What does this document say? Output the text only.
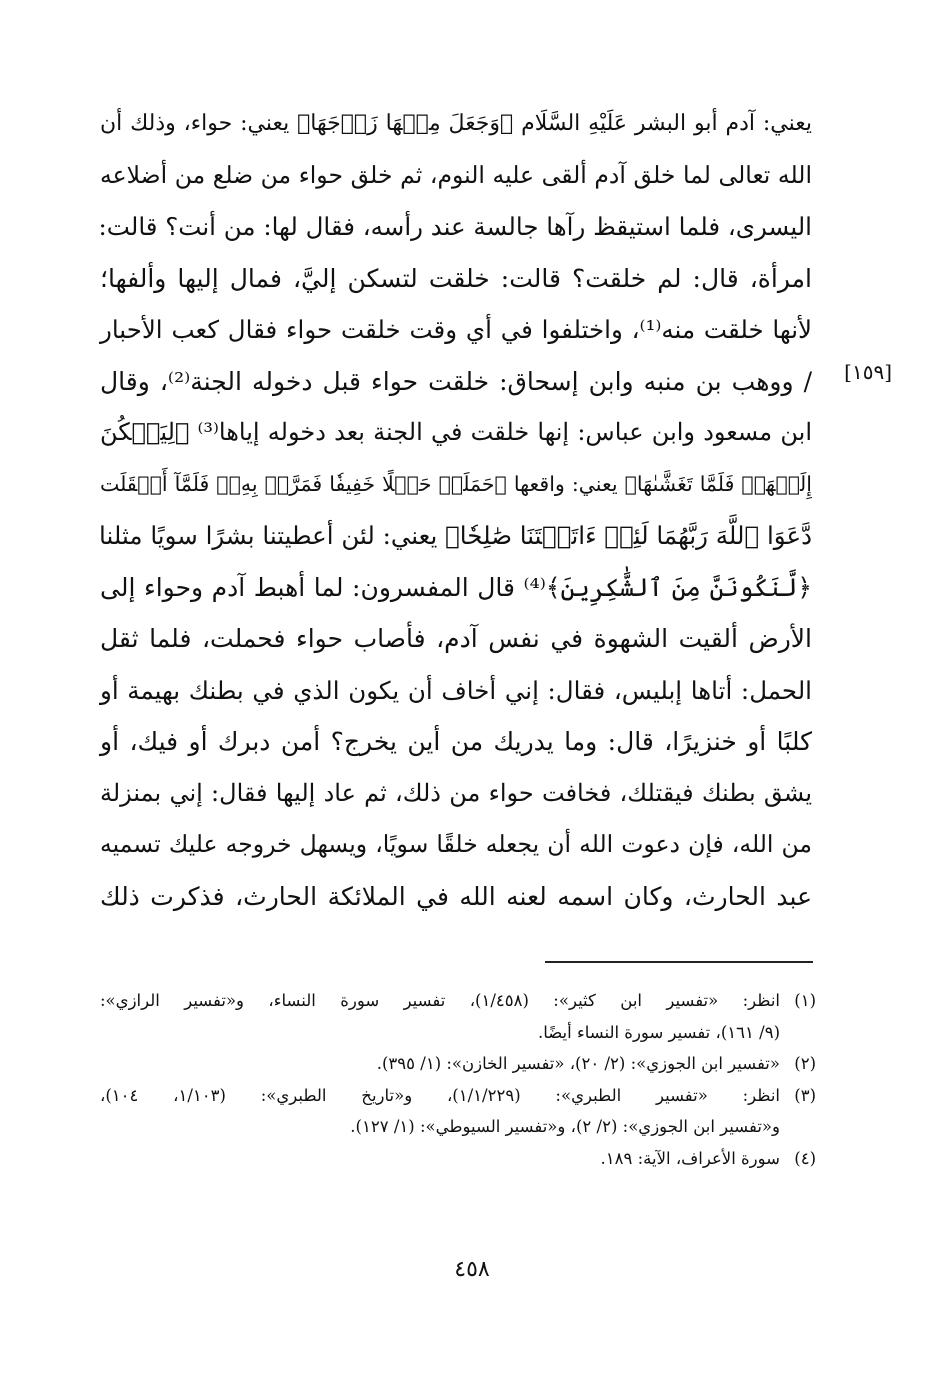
يعني: آدم أبو البشر عَلَيْهِ السَّلَام ﴿وَجَعَلَ مِنۡهَا زَوۡجَهَا﴾ يعني: حواء، وذلك أن
الله تعالى لما خلق آدم ألقى عليه النوم، ثم خلق حواء من ضلع من أضلاعه
اليسرى، فلما استيقظ رآها جالسة عند رأسه، فقال لها: من أنت؟ قالت:
امرأة، قال: لم خلقت؟ قالت: خلقت لتسكن إليَّ، فمال إليها وألفها؛
لأنها خلقت منه⁽¹⁾، واختلفوا في أي وقت خلقت حواء فقال كعب الأحبار
/ ووهب بن منبه وابن إسحاق: خلقت حواء قبل دخوله الجنة⁽²⁾، وقال
ابن مسعود وابن عباس: إنها خلقت في الجنة بعد دخوله إياها⁽³⁾ ﴿لِيَسۡكُنَ
إِلَيۡهَاۖ فَلَمَّا تَغَشَّىٰهَا﴾ يعني: واقعها ﴿حَمَلَتۡ حَمۡلًا خَفِيفٗا فَمَرَّتۡ بِهِۦۖ فَلَمَّآ أَثۡقَلَت
دَّعَوَا ٱللَّهَ رَبَّهُمَا لَئِنۡ ءَاتَيۡتَنَا صَٰلِحٗا﴾ يعني: لئن أعطيتنا بشرًا سويًا مثلنا
﴿لَّنَكُونَنَّ مِنَ ٱلشَّٰكِرِينَ﴾⁽⁴⁾ قال المفسرون: لما أهبط آدم وحواء إلى
الأرض ألقيت الشهوة في نفس آدم، فأصاب حواء فحملت، فلما ثقل
الحمل: أتاها إبليس، فقال: إني أخاف أن يكون الذي في بطنك بهيمة أو
كلبًا أو خنزيرًا، قال: وما يدريك من أين يخرج؟ أمن دبرك أو فيك، أو
يشق بطنك فيقتلك، فخافت حواء من ذلك، ثم عاد إليها فقال: إني بمنزلة
من الله، فإن دعوت الله أن يجعله خلقًا سويًا، ويسهل خروجه عليك تسميه
عبد الحارث، وكان اسمه لعنه الله في الملائكة الحارث، فذكرت ذلك
[١٥٩]
(١)انظر: «تفسير ابن كثير»: (١/٤٥٨)، تفسير سورة النساء، و«تفسير الرازي»:
(٩/ ١٦١)، تفسير سورة النساء أيضًا.
(٢)«تفسير ابن الجوزي»: (٢/ ٢٠)، «تفسير الخازن»: (١/ ٣٩٥).
(٣)انظر: «تفسير الطبري»: (١/١/٢٢٩)، و«تاريخ الطبري»: (١/١٠٣، ١٠٤)،
و«تفسير ابن الجوزي»: (٢/ ٢)، و«تفسير السيوطي»: (١/ ١٢٧).
(٤)سورة الأعراف، الآية: ١٨٩.
٤٥٨
